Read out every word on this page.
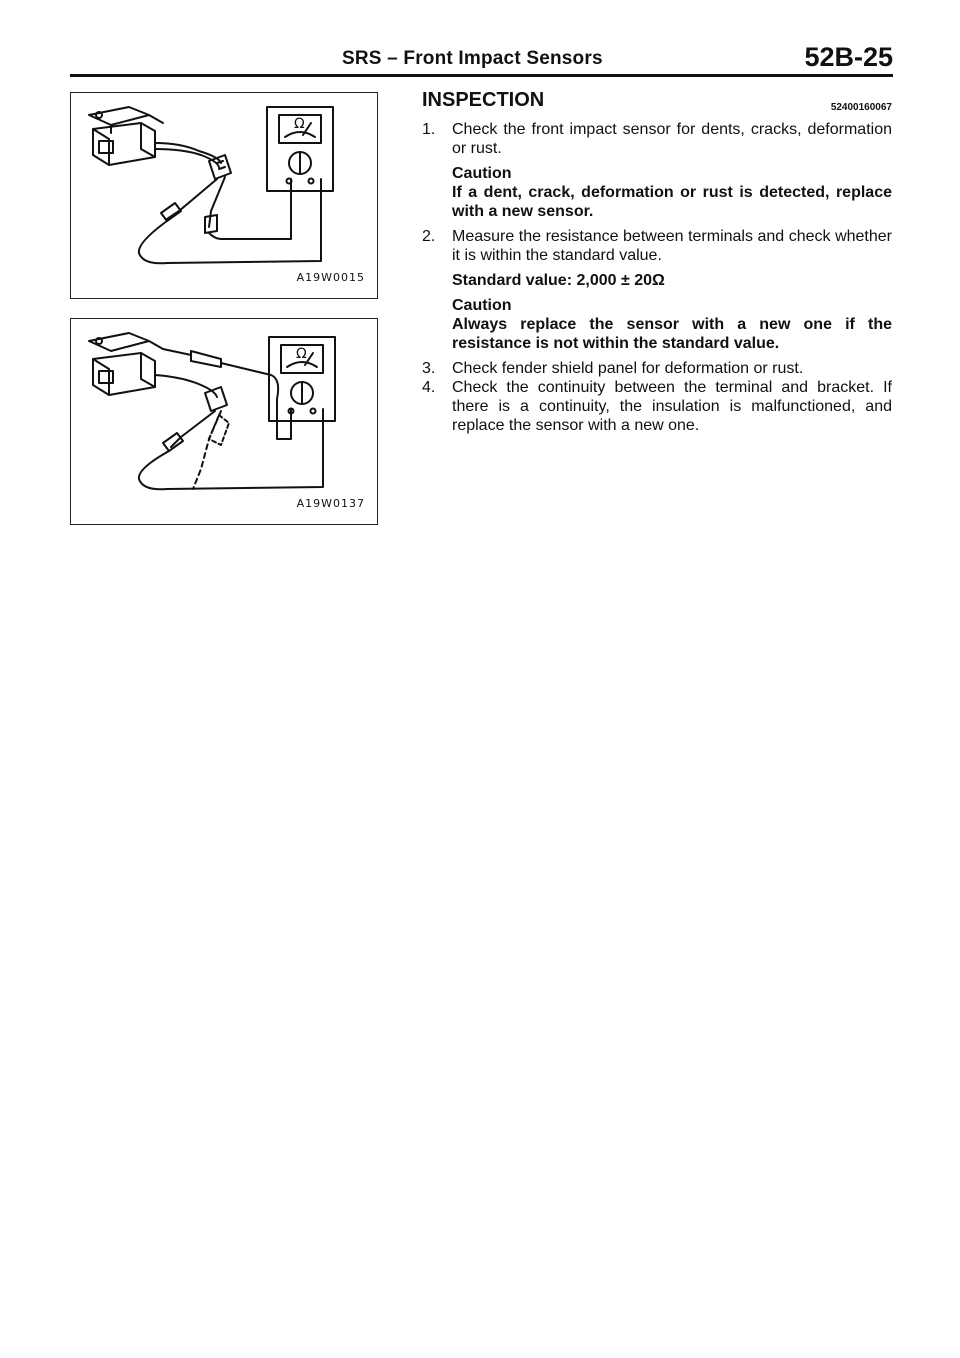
SRS – Front Impact Sensors	52B-25
Ω
A19W0015
Ω
A19W0137
INSPECTION	52400160067
1. Check the front impact sensor for dents, cracks, deformation or rust.
Caution
If a dent, crack, deformation or rust is detected, replace with a new sensor.
2. Measure the resistance between terminals and check whether it is within the standard value.
Standard value: 2,000 ± 20Ω
Caution
Always replace the sensor with a new one if the resistance is not within the standard value.
3. Check fender shield panel for deformation or rust.
4. Check the continuity between the terminal and bracket. If there is a continuity, the insulation is malfunctioned, and replace the sensor with a new one.
